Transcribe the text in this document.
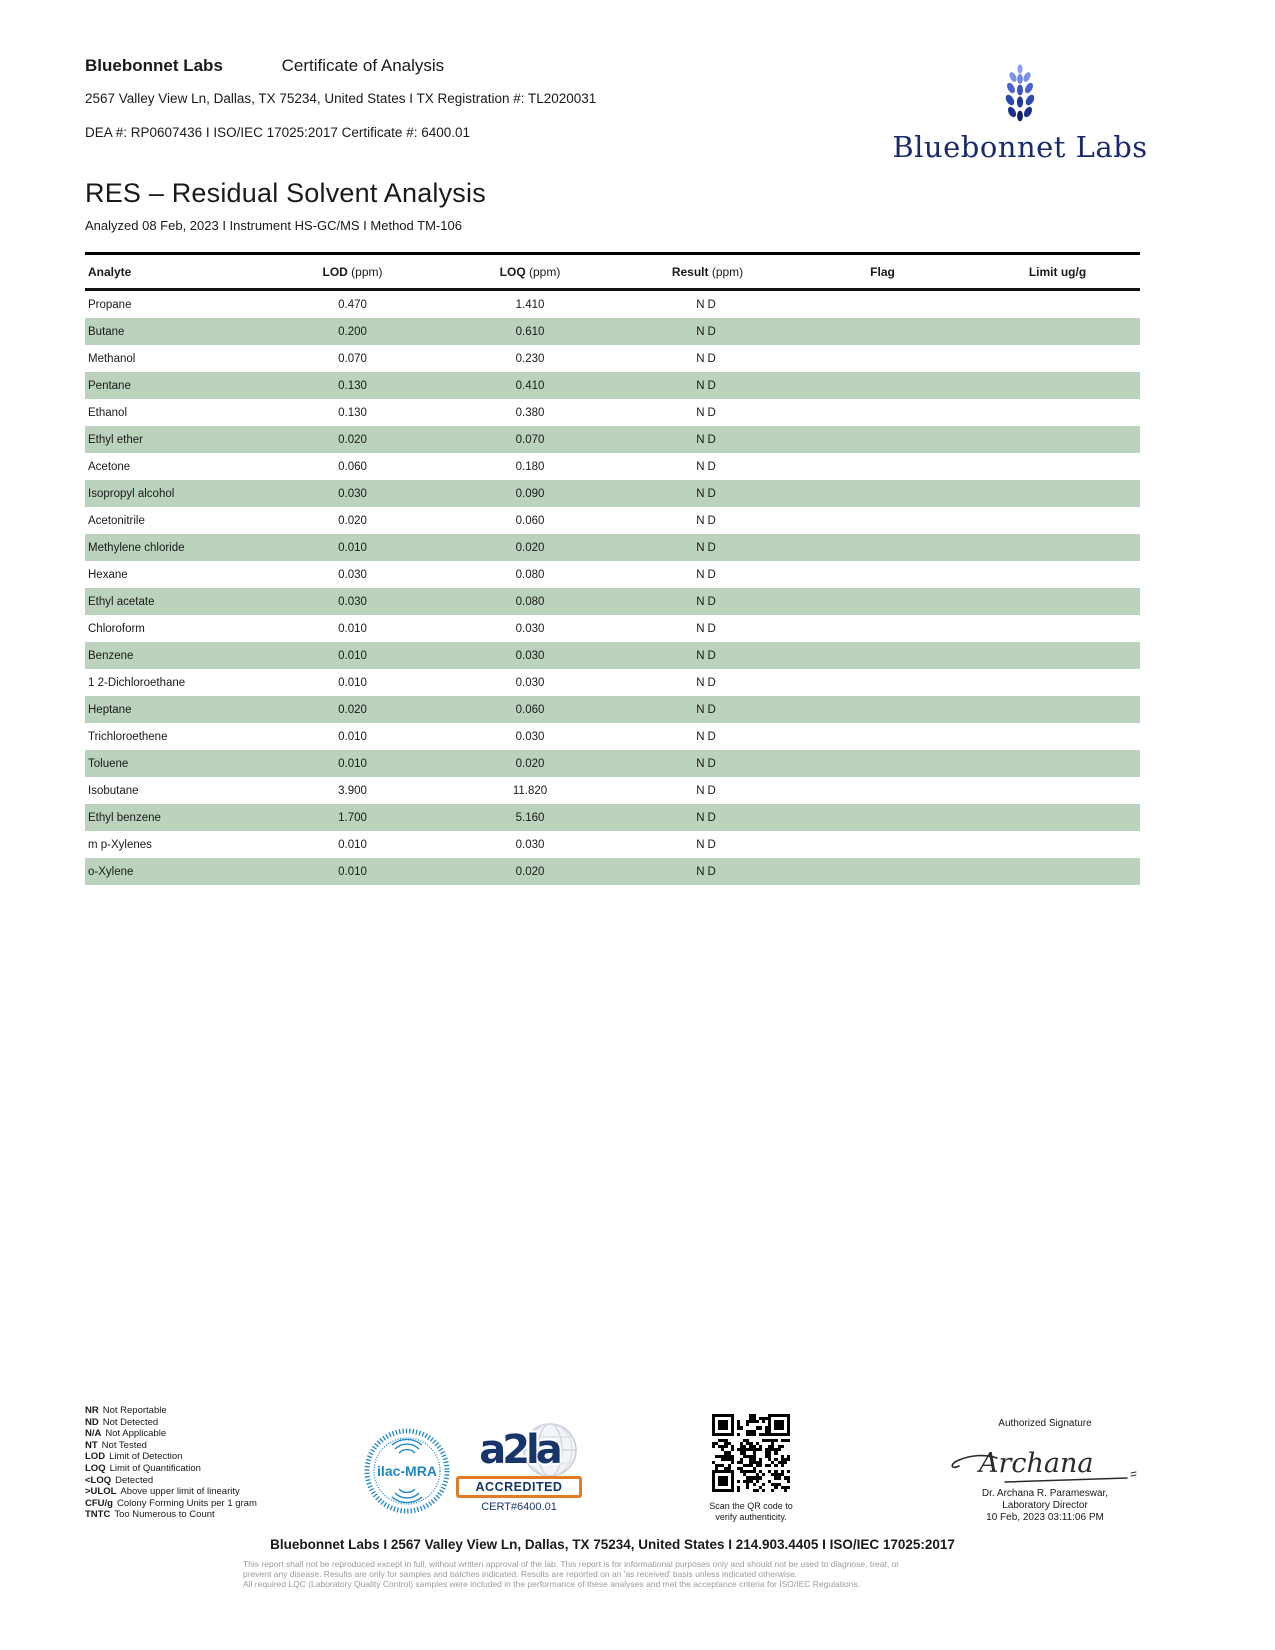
Bluebonnet Labs	Certificate of Analysis
2567 Valley View Ln, Dallas, TX 75234, United States I TX Registration #: TL2020031
DEA #: RP0607436 I ISO/IEC 17025:2017 Certificate #: 6400.01	Bluebonnet Labs
RES – Residual Solvent Analysis
Analyzed 08 Feb, 2023 I Instrument HS-GC/MS I Method TM-106
Analyte	LOD (ppm)	LOQ (ppm)	Result (ppm)	Flag	Limit ug/g
Propane	0.470	1.410	ND		
Butane	0.200	0.610	ND		
Methanol	0.070	0.230	ND		
Pentane	0.130	0.410	ND		
Ethanol	0.130	0.380	ND		
Ethyl ether	0.020	0.070	ND		
Acetone	0.060	0.180	ND		
Isopropyl alcohol	0.030	0.090	ND		
Acetonitrile	0.020	0.060	ND		
Methylene chloride	0.010	0.020	ND		
Hexane	0.030	0.080	ND		
Ethyl acetate	0.030	0.080	ND		
Chloroform	0.010	0.030	ND		
Benzene	0.010	0.030	ND		
1 2-Dichloroethane	0.010	0.030	ND		
Heptane	0.020	0.060	ND		
Trichloroethene	0.010	0.030	ND		
Toluene	0.010	0.020	ND		
Isobutane	3.900	11.820	ND		
Ethyl benzene	1.700	5.160	ND		
m p-Xylenes	0.010	0.030	ND		
o-Xylene	0.010	0.020	ND		
NR Not Reportable
ND Not Detected
N/A Not Applicable
NT Not Tested
LOD Limit of Detection
LOQ Limit of Quantification
<LOQ Detected
>ULOL Above upper limit of linearity
CFU/g Colony Forming Units per 1 gram
TNTC Too Numerous to Count
ilac-MRA	a2la
ACCREDITED
CERT#6400.01	Scan the QR code to
verify authenticity.
Authorized Signature
Archana
Dr. Archana R. Parameswar,
Laboratory Director
10 Feb, 2023 03:11:06 PM
Bluebonnet Labs I 2567 Valley View Ln, Dallas, TX 75234, United States I 214.903.4405 I ISO/IEC 17025:2017
This report shall not be reproduced except in full, without written approval of the lab. This report is for informational purposes only and should not be used to diagnose, treat, or
prevent any disease. Results are only for samples and batches indicated. Results are reported on an 'as received' basis unless indicated otherwise.
All required LQC (Laboratory Quality Control) samples were included in the performance of these analyses and met the acceptance criteria for ISO/IEC Regulations.
